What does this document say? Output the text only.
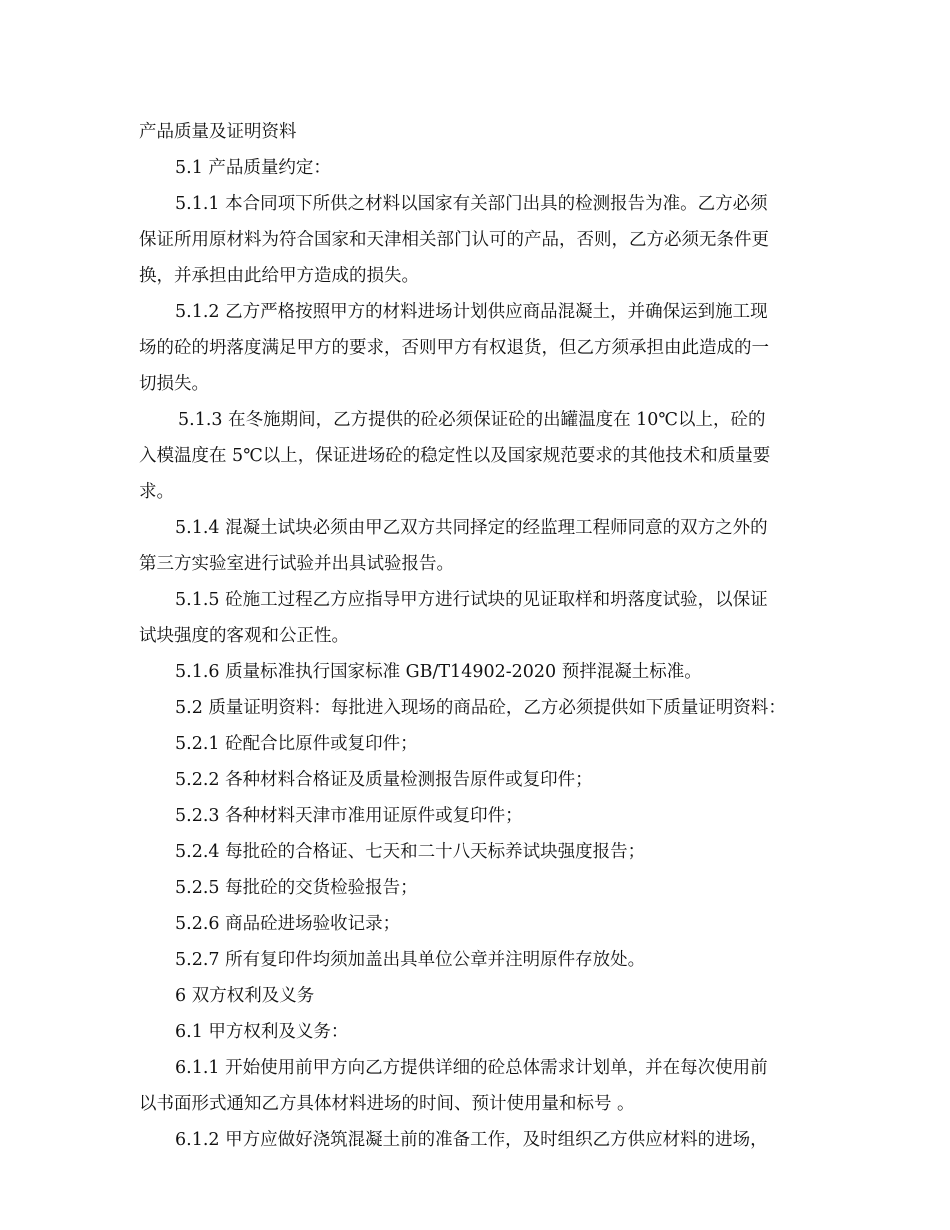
产品质量及证明资料
5.1 产品质量约定：
5.1.1 本合同项下所供之材料以国家有关部门出具的检测报告为准。乙方必须
保证所用原材料为符合国家和天津相关部门认可的产品，否则，乙方必须无条件更
换，并承担由此给甲方造成的损失。
5.1.2 乙方严格按照甲方的材料进场计划供应商品混凝土，并确保运到施工现
场的砼的坍落度满足甲方的要求，否则甲方有权退货，但乙方须承担由此造成的一
切损失。
5.1.3 在冬施期间，乙方提供的砼必须保证砼的出罐温度在 10℃以上，砼的
入模温度在 5℃以上，保证进场砼的稳定性以及国家规范要求的其他技术和质量要
求。
5.1.4 混凝土试块必须由甲乙双方共同择定的经监理工程师同意的双方之外的
第三方实验室进行试验并出具试验报告。
5.1.5 砼施工过程乙方应指导甲方进行试块的见证取样和坍落度试验，以保证
试块强度的客观和公正性。
5.1.6 质量标准执行国家标准 GB/T14902-2020 预拌混凝土标准。
5.2 质量证明资料：每批进入现场的商品砼，乙方必须提供如下质量证明资料：
5.2.1 砼配合比原件或复印件；
5.2.2 各种材料合格证及质量检测报告原件或复印件；
5.2.3 各种材料天津市准用证原件或复印件；
5.2.4 每批砼的合格证、七天和二十八天标养试块强度报告；
5.2.5 每批砼的交货检验报告；
5.2.6 商品砼进场验收记录；
5.2.7 所有复印件均须加盖出具单位公章并注明原件存放处。
6 双方权利及义务
6.1 甲方权利及义务：
6.1.1 开始使用前甲方向乙方提供详细的砼总体需求计划单，并在每次使用前
以书面形式通知乙方具体材料进场的时间、预计使用量和标号 。
6.1.2 甲方应做好浇筑混凝土前的准备工作，及时组织乙方供应材料的进场，
